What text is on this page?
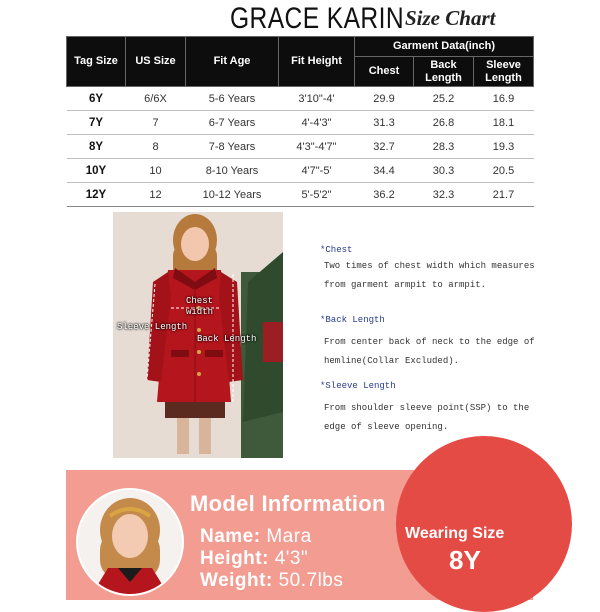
GRACE KARIN Size Chart
Tag Size	US Size	Fit Age	Fit Height	Garment Data(inch)		
				Chest	Back Length	Sleeve Length
6Y	6/6X	5-6 Years	3'10"-4'	29.9	25.2	16.9
7Y	7	6-7 Years	4'-4'3"	31.3	26.8	18.1
8Y	8	7-8 Years	4'3"-4'7"	32.7	28.3	19.3
10Y	10	8-10 Years	4'7"-5'	34.4	30.3	20.5
12Y	12	10-12 Years	5'-5'2"	36.2	32.3	21.7
Chest
width
Sleeve Length
Back Length
*Chest
Two times of chest width which measures from garment armpit to armpit.
*Back Length
From center back of neck to the edge of hemline(Collar Excluded).
*Sleeve Length
From shoulder sleeve point(SSP) to the edge of sleeve opening.
Model Information
Name: Mara
Height: 4'3"
Weight: 50.7lbs
Wearing Size
8Y
